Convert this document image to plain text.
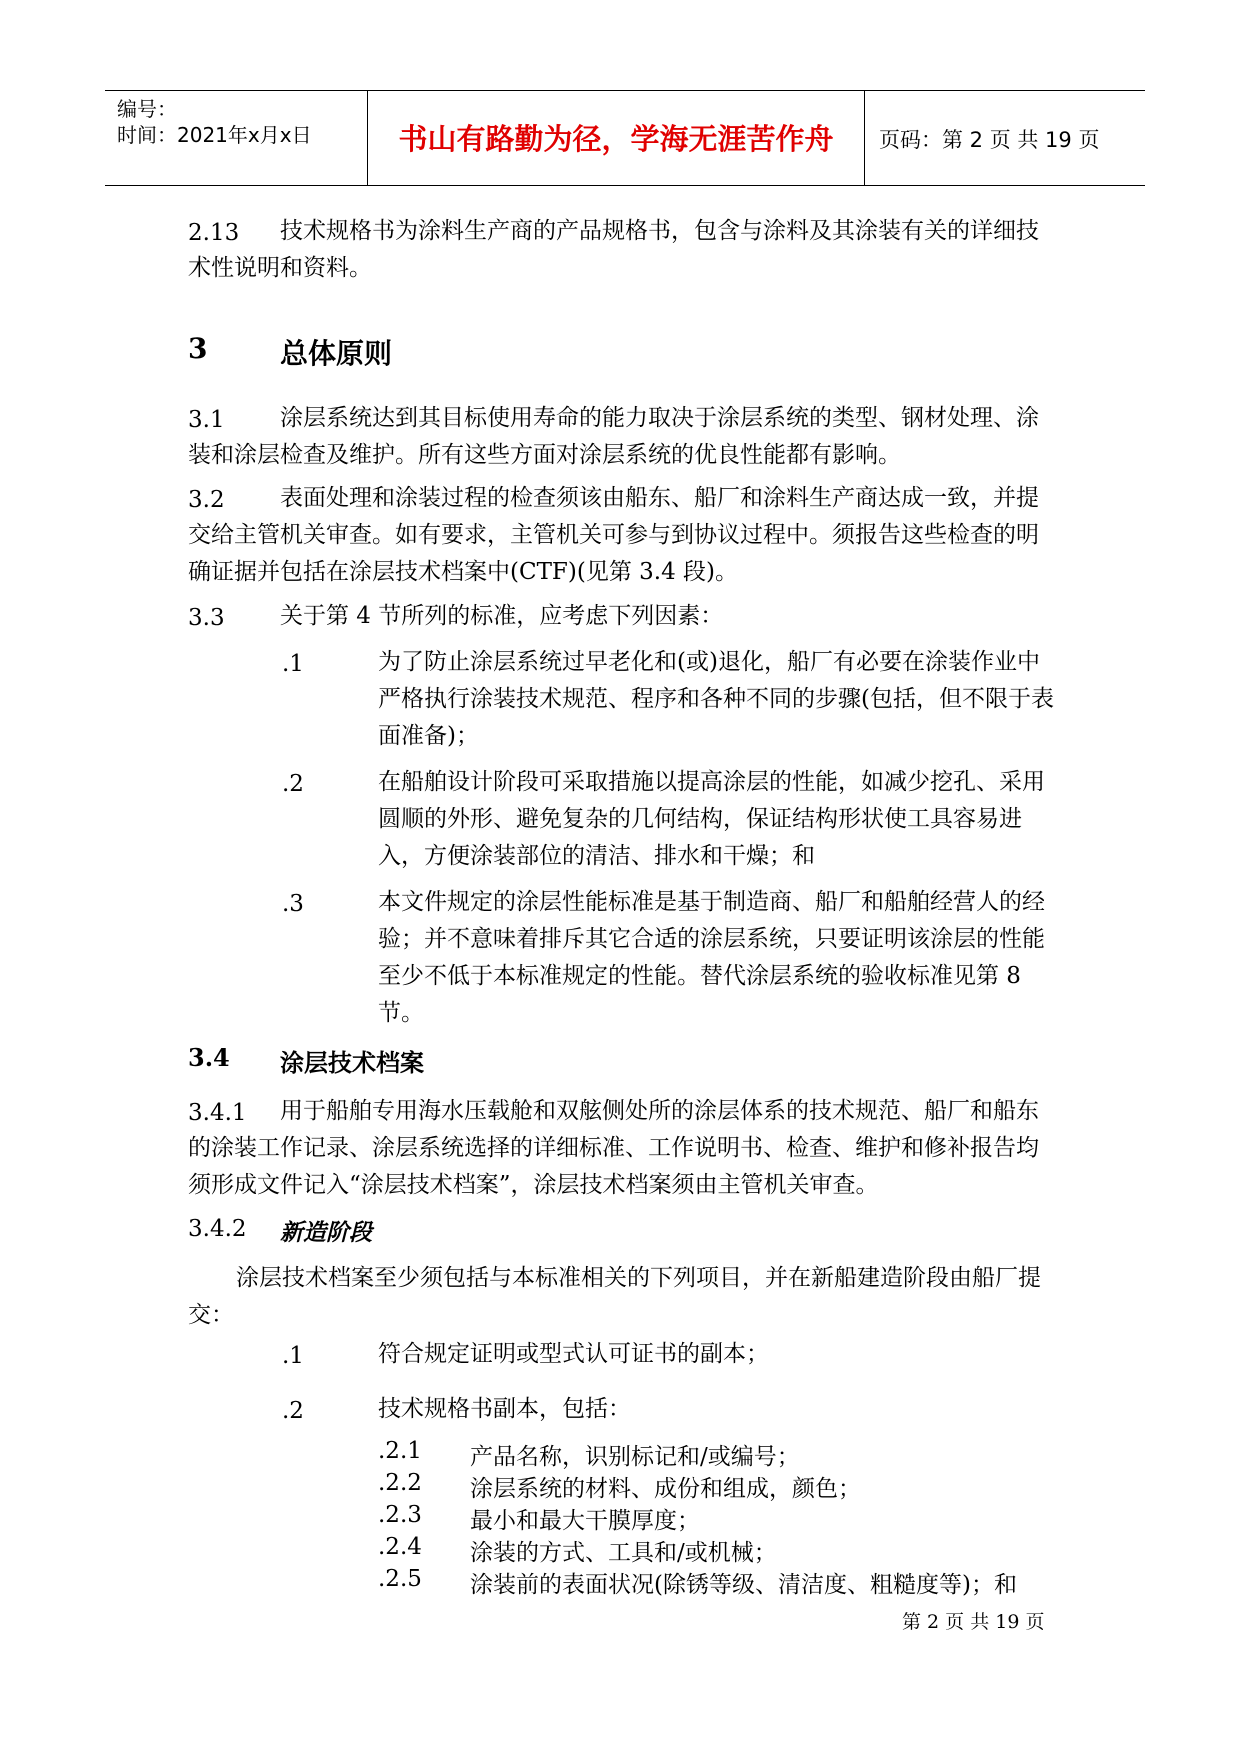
编号：
时间：2021年x月x日	书山有路勤为径，学海无涯苦作舟	页码：第 2 页 共 19 页
2.13	技术规格书为涂料生产商的产品规格书，包含与涂料及其涂装有关的详细技术性说明和资料。
3	总体原则
3.1	涂层系统达到其目标使用寿命的能力取决于涂层系统的类型、钢材处理、涂装和涂层检查及维护。所有这些方面对涂层系统的优良性能都有影响。
3.2	表面处理和涂装过程的检查须该由船东、船厂和涂料生产商达成一致，并提交给主管机关审查。如有要求，主管机关可参与到协议过程中。须报告这些检查的明确证据并包括在涂层技术档案中(CTF)(见第 3.4 段)。
3.3 关于第 4 节所列的标准，应考虑下列因素：
.1	为了防止涂层系统过早老化和(或)退化，船厂有必要在涂装作业中严格执行涂装技术规范、程序和各种不同的步骤(包括，但不限于表面准备)；
.2	在船舶设计阶段可采取措施以提高涂层的性能，如减少挖孔、采用圆顺的外形、避免复杂的几何结构，保证结构形状使工具容易进入，方便涂装部位的清洁、排水和干燥；和
.3	本文件规定的涂层性能标准是基于制造商、船厂和船舶经营人的经验；并不意味着排斥其它合适的涂层系统，只要证明该涂层的性能至少不低于本标准规定的性能。替代涂层系统的验收标准见第 8 节。
3.4 涂层技术档案
3.4.1	用于船舶专用海水压载舱和双舷侧处所的涂层体系的技术规范、船厂和船东的涂装工作记录、涂层系统选择的详细标准、工作说明书、检查、维护和修补报告均须形成文件记入“涂层技术档案”，涂层技术档案须由主管机关审查。
3.4.2 新造阶段
涂层技术档案至少须包括与本标准相关的下列项目，并在新船建造阶段由船厂提交：
.1	符合规定证明或型式认可证书的副本；
.2	技术规格书副本，包括：
.2.1 产品名称，识别标记和/或编号；
.2.2 涂层系统的材料、成份和组成，颜色；
.2.3 最小和最大干膜厚度；
.2.4 涂装的方式、工具和/或机械；
.2.5 涂装前的表面状况(除锈等级、清洁度、粗糙度等)；和
第 2 页 共 19 页
